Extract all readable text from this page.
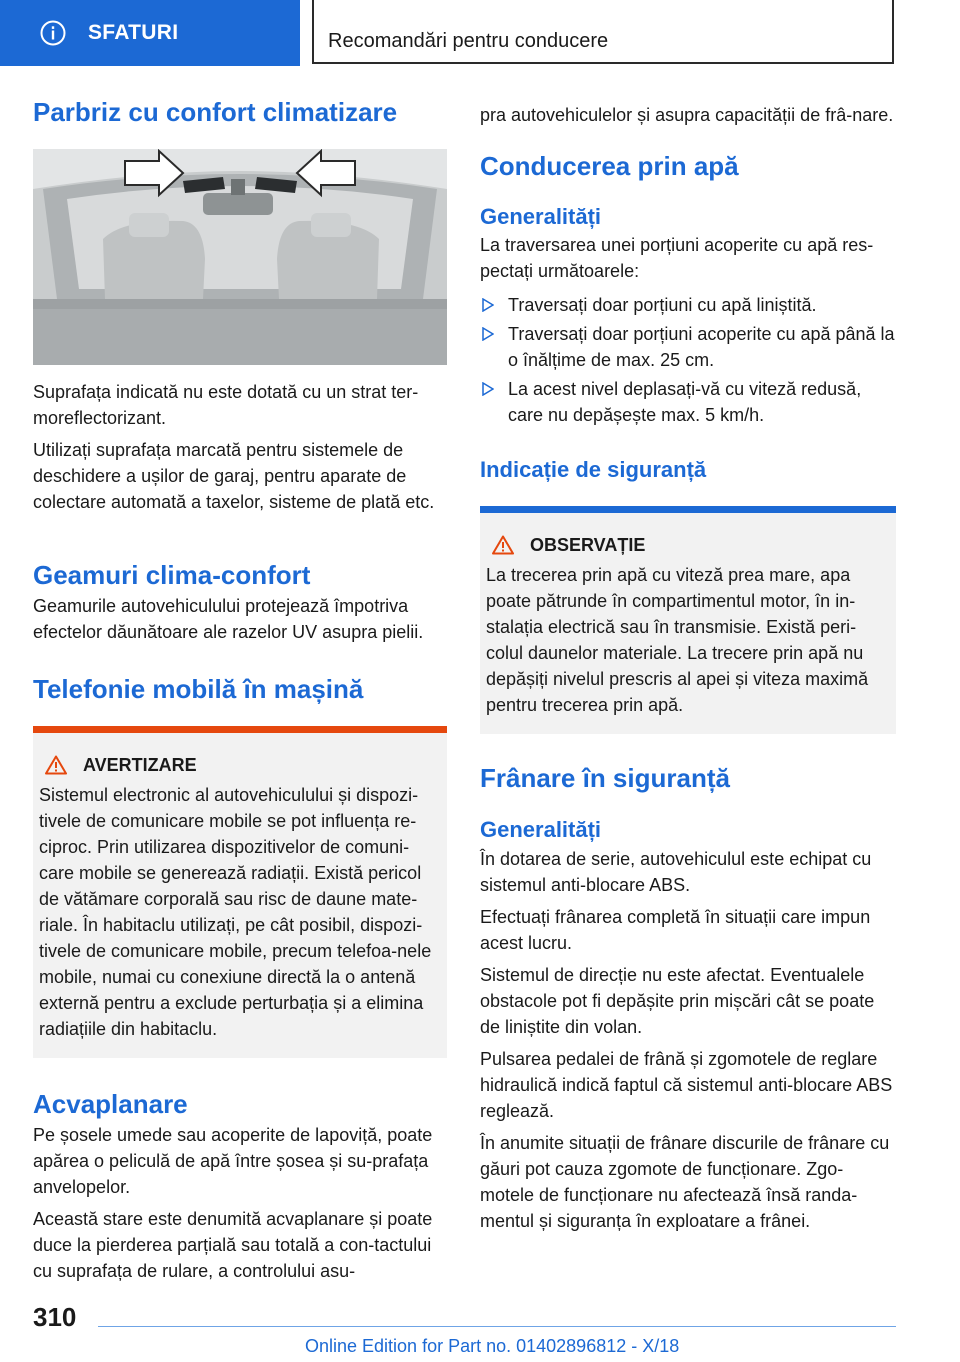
SFATURI	Recomandări pentru conducere
Parbriz cu confort climatizare

Suprafața indicată nu este dotată cu un strat ter‐moreflectorizant.

Utilizați suprafața marcată pentru sistemele de deschidere a ușilor de garaj, pentru aparate de colectare automată a taxelor, sisteme de plată etc.

Geamuri clima-confort

Geamurile autovehiculului protejează împotriva efectelor dăunătoare ale razelor UV asupra pielii.

Telefonie mobilă în mașină
AVERTIZARE

Sistemul electronic al autovehiculului și dispozi‐tivele de comunicare mobile se pot influența re‐ciproc. Prin utilizarea dispozitivelor de comuni‐care mobile se generează radiații. Există pericol de vătămare corporală sau risc de daune mate‐riale. În habitaclu utilizați, pe cât posibil, dispozi‐tivele de comunicare mobile, precum telefoa‐nele mobile, numai cu conexiune directă la o antenă externă pentru a exclude perturbația și a elimina radiațiile din habitaclu.

Acvaplanare

Pe șosele umede sau acoperite de lapoviță, poate apărea o peliculă de apă între șosea și su‐prafața anvelopelor.

Această stare este denumită acvaplanare și poate duce la pierderea parțială sau totală a con‐tactului cu suprafața de rulare, a controlului asu‐

pra autovehiculelor și asupra capacității de frâ‐nare.

Conducerea prin apă
Generalități

La traversarea unei porțiuni acoperite cu apă res‐pectați următoarele:

Traversați doar porțiuni cu apă liniștită.
Traversați doar porțiuni acoperite cu apă până la o înălțime de max. 25 cm.
La acest nivel deplasați-vă cu viteză redusă, care nu depășește max. 5 km/h.
Indicație de siguranță
OBSERVAȚIE

La trecerea prin apă cu viteză prea mare, apa poate pătrunde în compartimentul motor, în in‐stalația electrică sau în transmisie. Există peri‐colul daunelor materiale. La trecere prin apă nu depășiți nivelul prescris al apei și viteza maximă pentru trecerea prin apă.

Frânare în siguranță
Generalități

În dotarea de serie, autovehiculul este echipat cu sistemul anti-blocare ABS.

Efectuați frânarea completă în situații care impun acest lucru.

Sistemul de direcție nu este afectat. Eventualele obstacole pot fi depășite prin mișcări cât se poate de liniștite din volan.

Pulsarea pedalei de frână și zgomotele de reglare hidraulică indică faptul că sistemul anti-blocare ABS reglează.

În anumite situații de frânare discurile de frânare cu găuri pot cauza zgomote de funcționare. Zgo‐motele de funcționare nu afectează însă randa‐mentul și siguranța în exploatare a frânei.

310
Online Edition for Part no. 01402896812 - X/18
